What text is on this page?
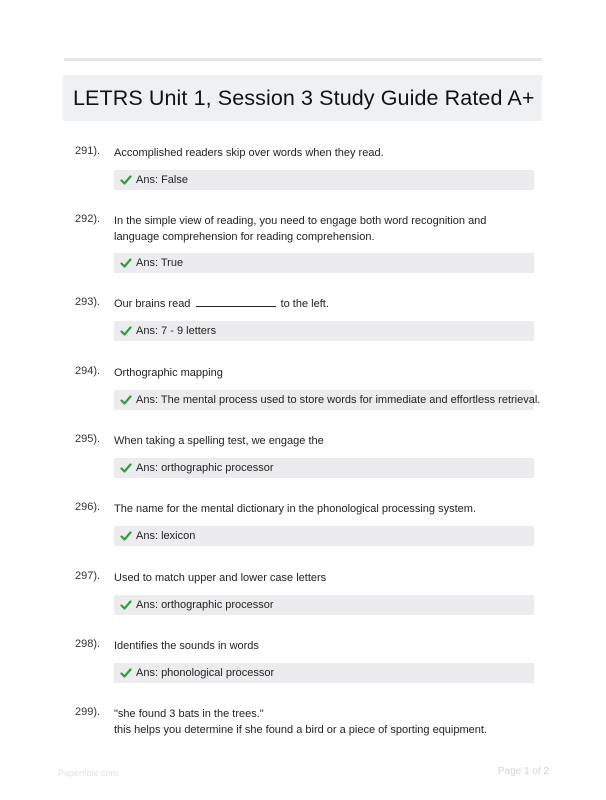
LETRS Unit 1, Session 3 Study Guide Rated A+
291). Accomplished readers skip over words when they read.
Ans: False
292). In the simple view of reading, you need to engage both word recognition and language comprehension for reading comprehension.
Ans: True
293). Our brains read	to the left.
Ans: 7 - 9 letters
294). Orthographic mapping
Ans: The mental process used to store words for immediate and effortless retrieval.
295). When taking a spelling test, we engage the
Ans: orthographic processor
296). The name for the mental dictionary in the phonological processing system.
Ans: lexicon
297). Used to match upper and lower case letters
Ans: orthographic processor
298). Identifies the sounds in words
Ans: phonological processor
299). "she found 3 bats in the trees."
this helps you determine if she found a bird or a piece of sporting equipment.
Papertible.com	Page 1 of 2
